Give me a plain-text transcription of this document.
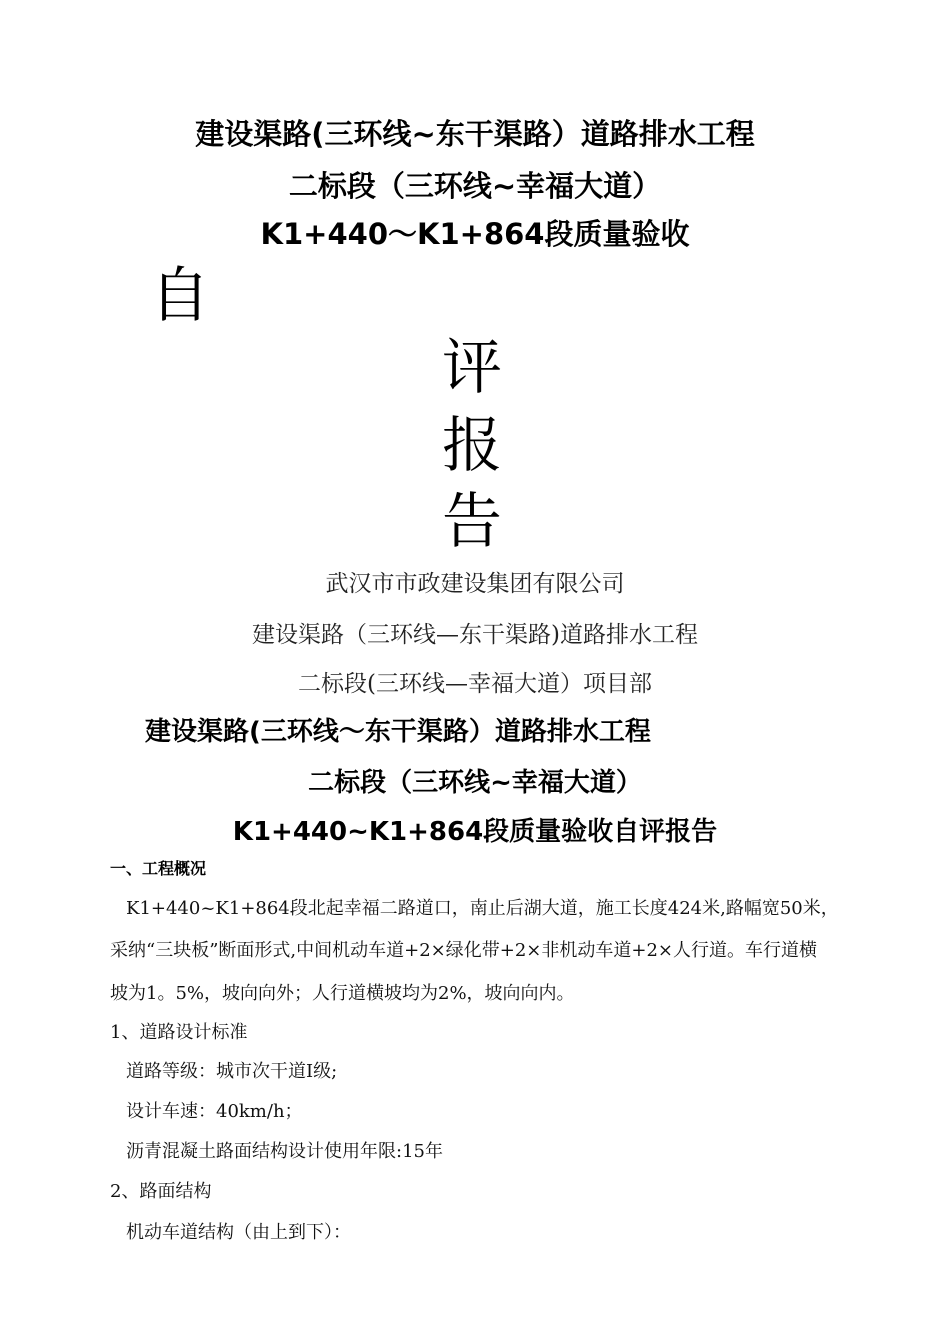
建设渠路(三环线~东干渠路）道路排水工程
二标段（三环线~幸福大道）
K1+440～K1+864段质量验收
自
评
报
告
武汉市市政建设集团有限公司
建设渠路（三环线—东干渠路)道路排水工程
二标段(三环线—幸福大道）项目部
建设渠路(三环线～东干渠路）道路排水工程
二标段（三环线~幸福大道）
K1+440~K1+864段质量验收自评报告
一、工程概况
K1+440~K1+864段北起幸福二路道口，南止后湖大道，施工长度424米,路幅宽50米，
采纳“三块板”断面形式,中间机动车道+2×绿化带+2×非机动车道+2×人行道。车行道横
坡为1。5%，坡向向外；人行道横坡均为2%，坡向向内。
1、道路设计标准
道路等级：城市次干道I级;
设计车速：40km/h；
沥青混凝土路面结构设计使用年限:15年
2、路面结构
机动车道结构（由上到下）：
